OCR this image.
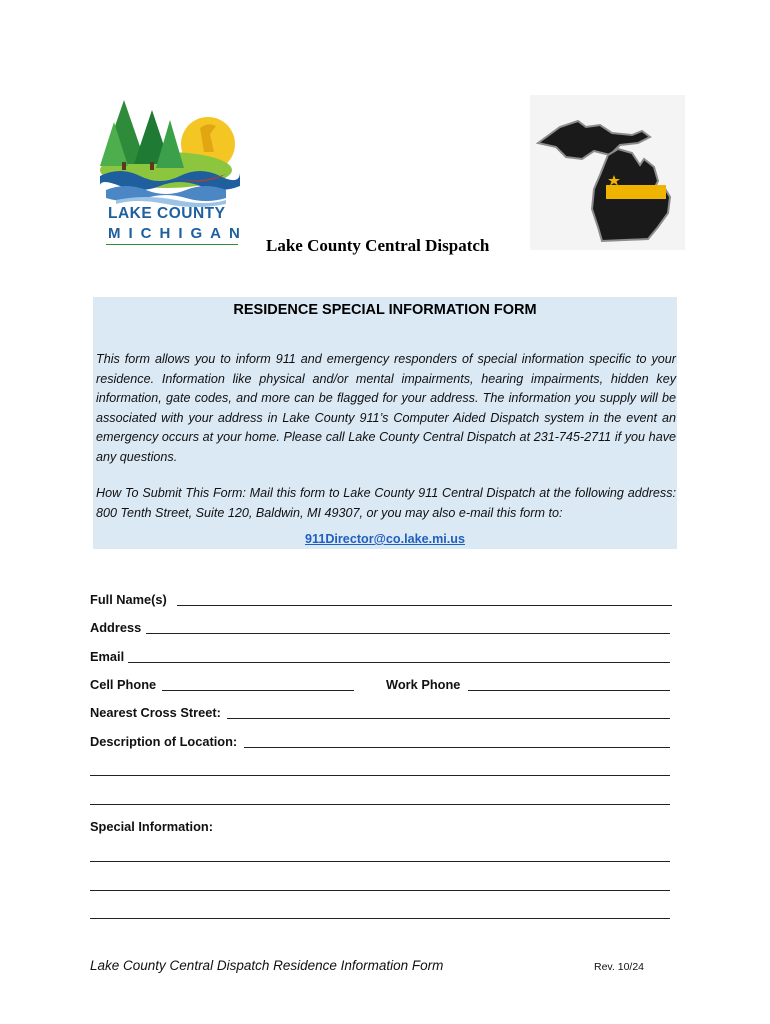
LAKE COUNTY
MICHIGAN
Lake County Central Dispatch
RESIDENCE SPECIAL INFORMATION FORM

This form allows you to inform 911 and emergency responders of special information specific to your residence. Information like physical and/or mental impairments, hearing impairments, hidden key information, gate codes, and more can be flagged for your address. The information you supply will be associated with your address in Lake County 911’s Computer Aided Dispatch system in the event an emergency occurs at your home. Please call Lake County Central Dispatch at 231-745-2711 if you have any questions.

How To Submit This Form: Mail this form to Lake County 911 Central Dispatch at the following address: 800 Tenth Street, Suite 120, Baldwin, MI 49307, or you may also e-mail this form to:

911Director@co.lake.mi.us
Full Name(s)
Address
Email
Cell Phone	Work Phone
Nearest Cross Street:
Description of Location:
Special Information:
Lake County Central Dispatch Residence Information Form	Rev. 10/24
